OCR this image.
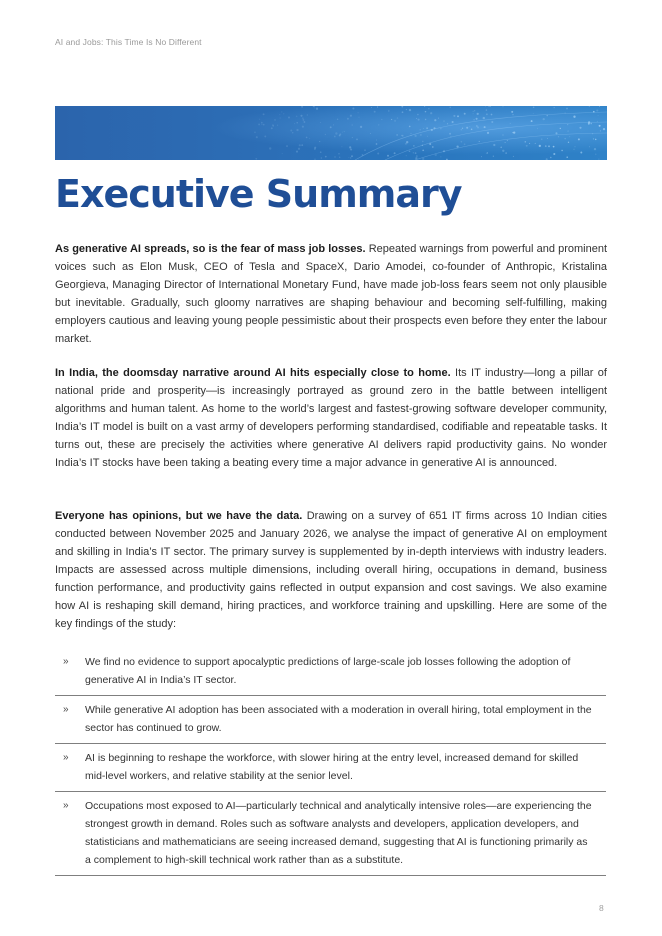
AI and Jobs: This Time Is No Different
Executive Summary

As generative AI spreads, so is the fear of mass job losses. Repeated warnings from powerful and prominent voices such as Elon Musk, CEO of Tesla and SpaceX, Dario Amodei, co-founder of Anthropic, Kristalina Georgieva, Managing Director of International Monetary Fund, have made job-loss fears seem not only plausible but inevitable. Gradually, such gloomy narratives are shaping behaviour and becoming self-fulfilling, making employers cautious and leaving young people pessimistic about their prospects even before they enter the labour market.

In India, the doomsday narrative around AI hits especially close to home. Its IT industry—long a pillar of national pride and prosperity—is increasingly portrayed as ground zero in the battle between intelligent algorithms and human talent. As home to the world’s largest and fastest-growing software developer community, India’s IT model is built on a vast army of developers performing standardised, codifiable and repeatable tasks. It turns out, these are precisely the activities where generative AI delivers rapid productivity gains. No wonder India’s IT stocks have been taking a beating every time a major advance in generative AI is announced.

Everyone has opinions, but we have the data. Drawing on a survey of 651 IT firms across 10 Indian cities conducted between November 2025 and January 2026, we analyse the impact of generative AI on employment and skilling in India’s IT sector. The primary survey is supplemented by in-depth interviews with industry leaders. Impacts are assessed across multiple dimensions, including overall hiring, occupations in demand, business function performance, and productivity gains reflected in output expansion and cost savings. We also examine how AI is reshaping skill demand, hiring practices, and workforce training and upskilling. Here are some of the key findings of the study:

»	We find no evidence to support apocalyptic predictions of large-scale job losses following the adoption of generative AI in India’s IT sector.
»	While generative AI adoption has been associated with a moderation in overall hiring, total employment in the sector has continued to grow.
»	AI is beginning to reshape the workforce, with slower hiring at the entry level, increased demand for skilled mid-level workers, and relative stability at the senior level.
»	Occupations most exposed to AI—particularly technical and analytically intensive roles—are experiencing the strongest growth in demand. Roles such as software analysts and developers, application developers, and statisticians and mathematicians are seeing increased demand, suggesting that AI is functioning primarily as a complement to high-skill technical work rather than as a substitute.
8
